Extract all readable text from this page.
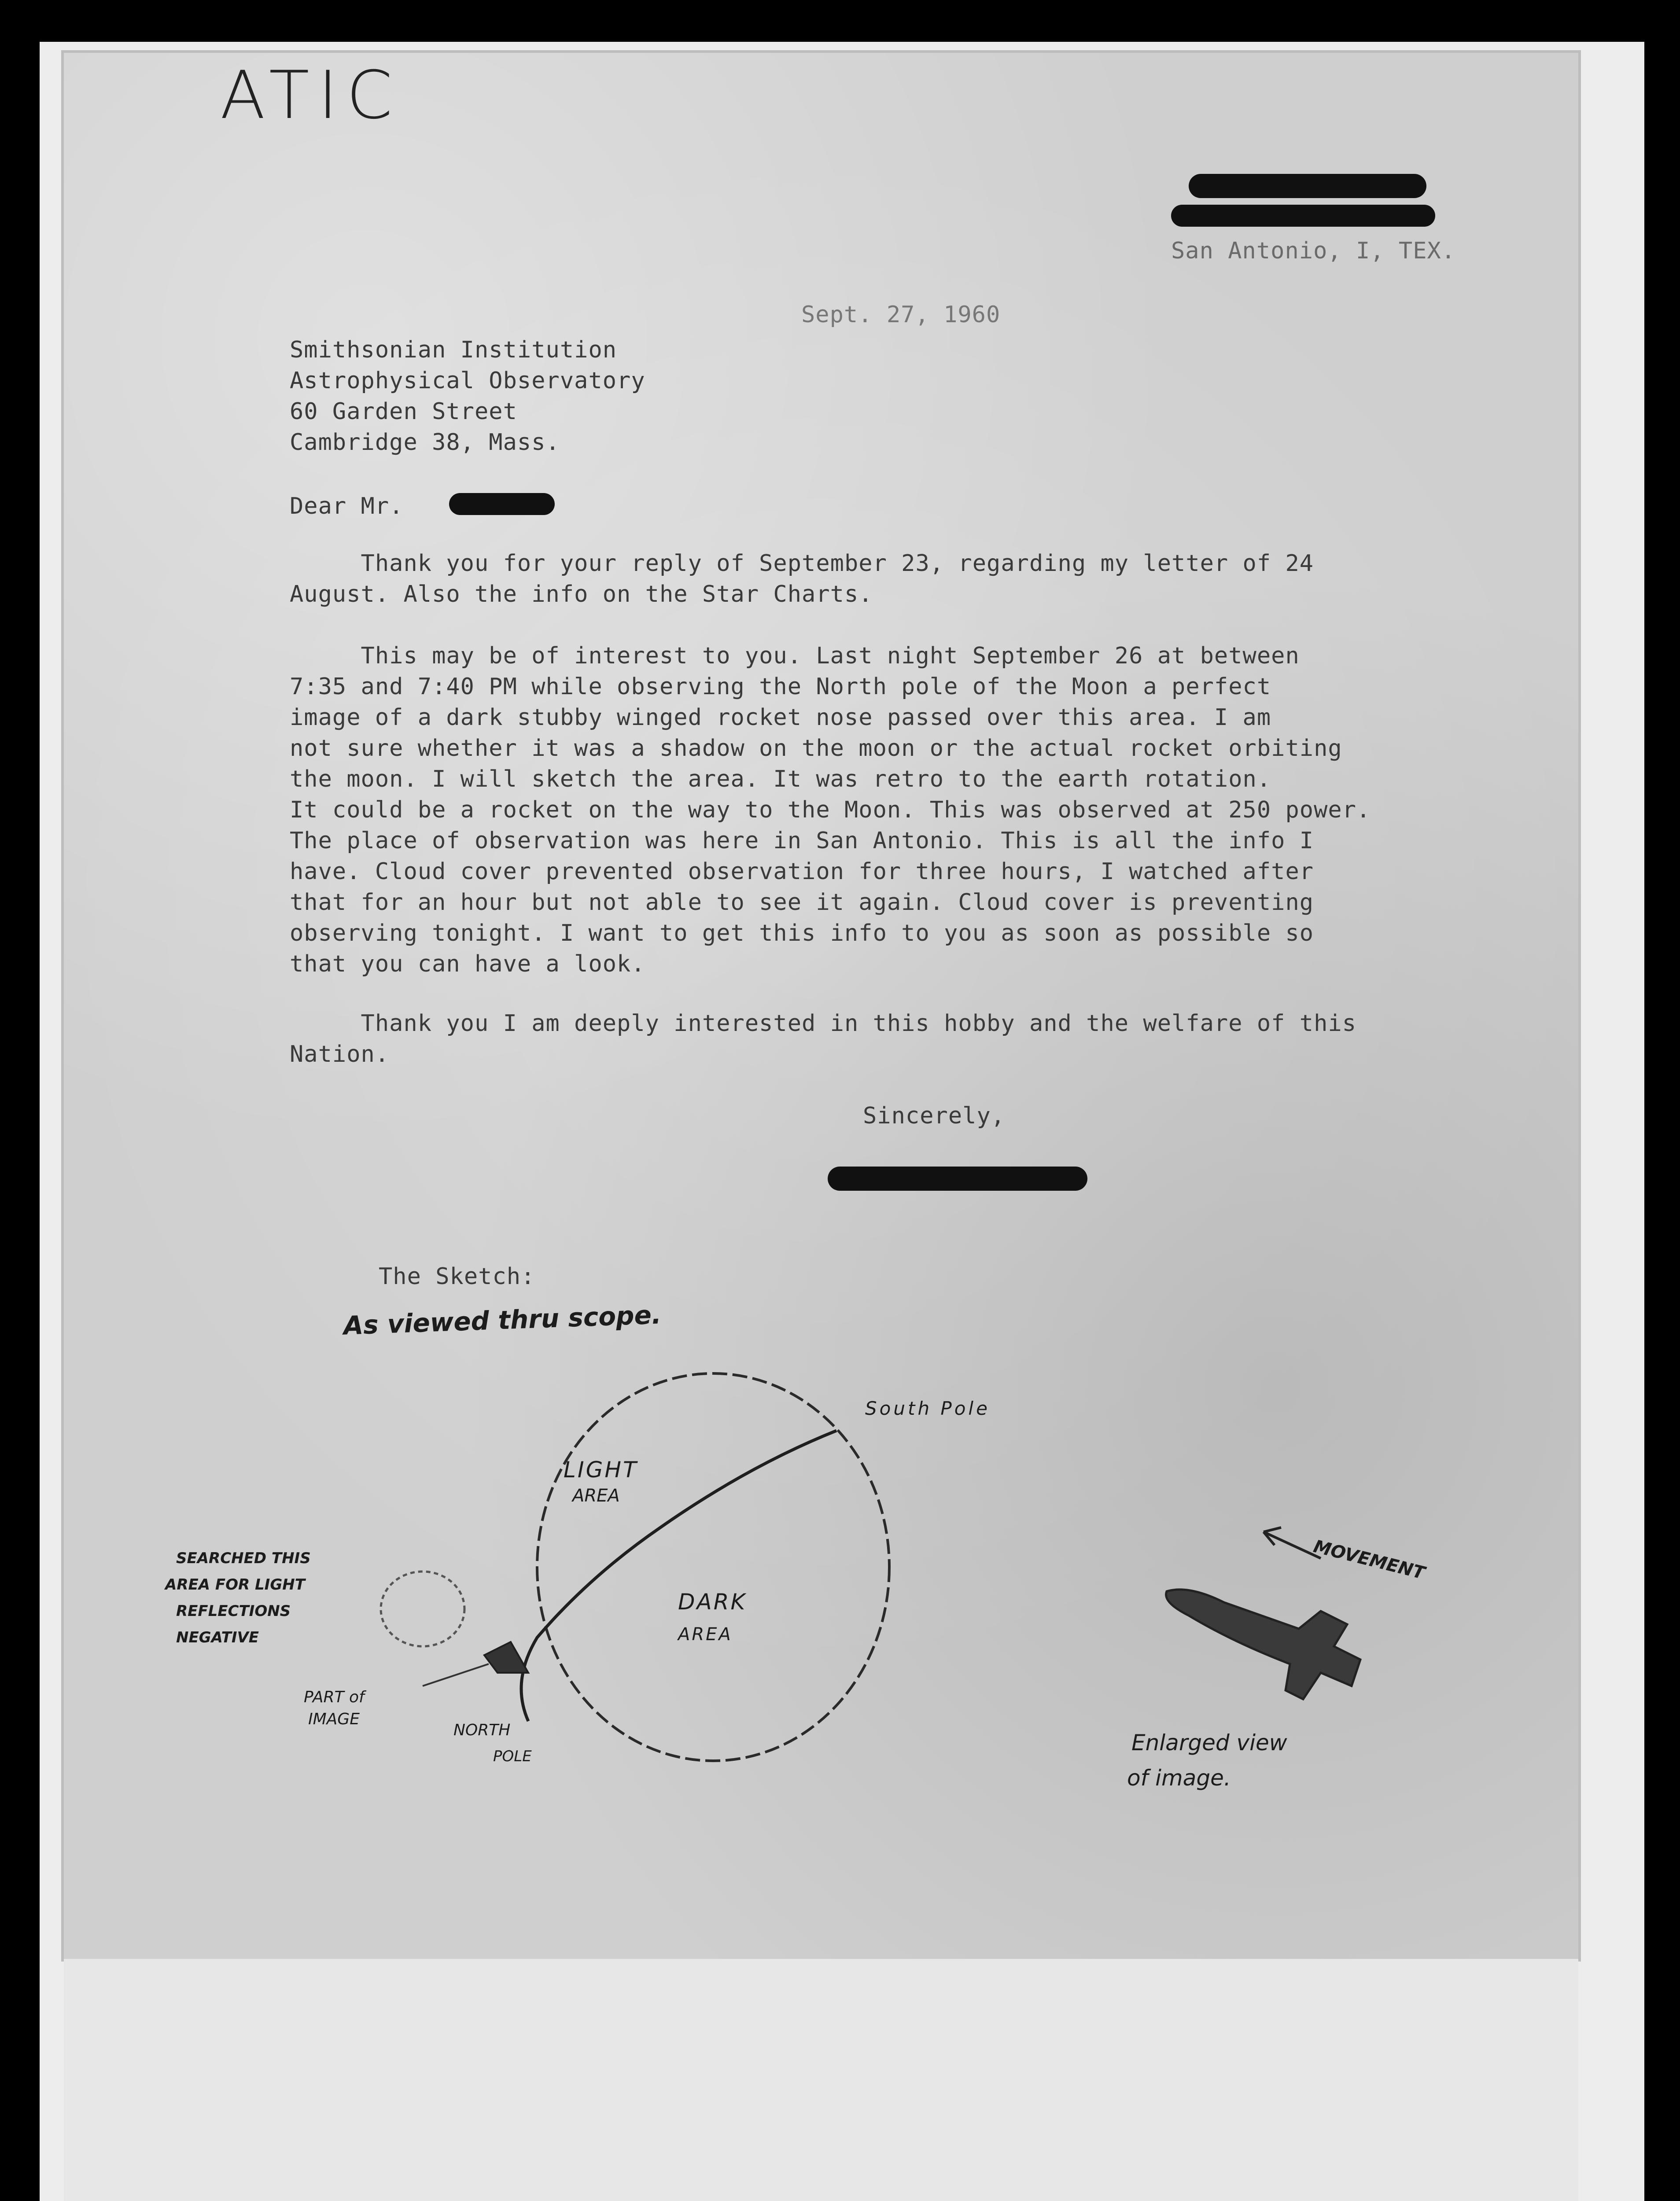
ATIC
San Antonio, I, TEX.
Sept. 27, 1960
Smithsonian Institution
Astrophysical Observatory
60 Garden Street
Cambridge 38, Mass.
Dear Mr.
Thank you for your reply of September 23, regarding my letter of 24
August. Also the info on the Star Charts.
This may be of interest to you. Last night September 26 at between
7:35 and 7:40 PM while observing the North pole of the Moon a perfect
image of a dark stubby winged rocket nose passed over this area. I am
not sure whether it was a shadow on the moon or the actual rocket orbiting
the moon. I will sketch the area. It was retro to the earth rotation.
It could be a rocket on the way to the Moon. This was observed at 250 power.
The place of observation was here in San Antonio. This is all the info I
have. Cloud cover prevented observation for three hours, I watched after
that for an hour but not able to see it again. Cloud cover is preventing
observing tonight. I want to get this info to you as soon as possible so
that you can have a look.
Thank you I am deeply interested in this hobby and the welfare of this
Nation.
Sincerely,
The Sketch:
As viewed thru scope.
South Pole
LIGHT
AREA
DARK
AREA
NORTH
POLE
PART of
IMAGE
SEARCHED THIS
AREA FOR LIGHT
REFLECTIONS
NEGATIVE
MOVEMENT
Enlarged view
of image.
